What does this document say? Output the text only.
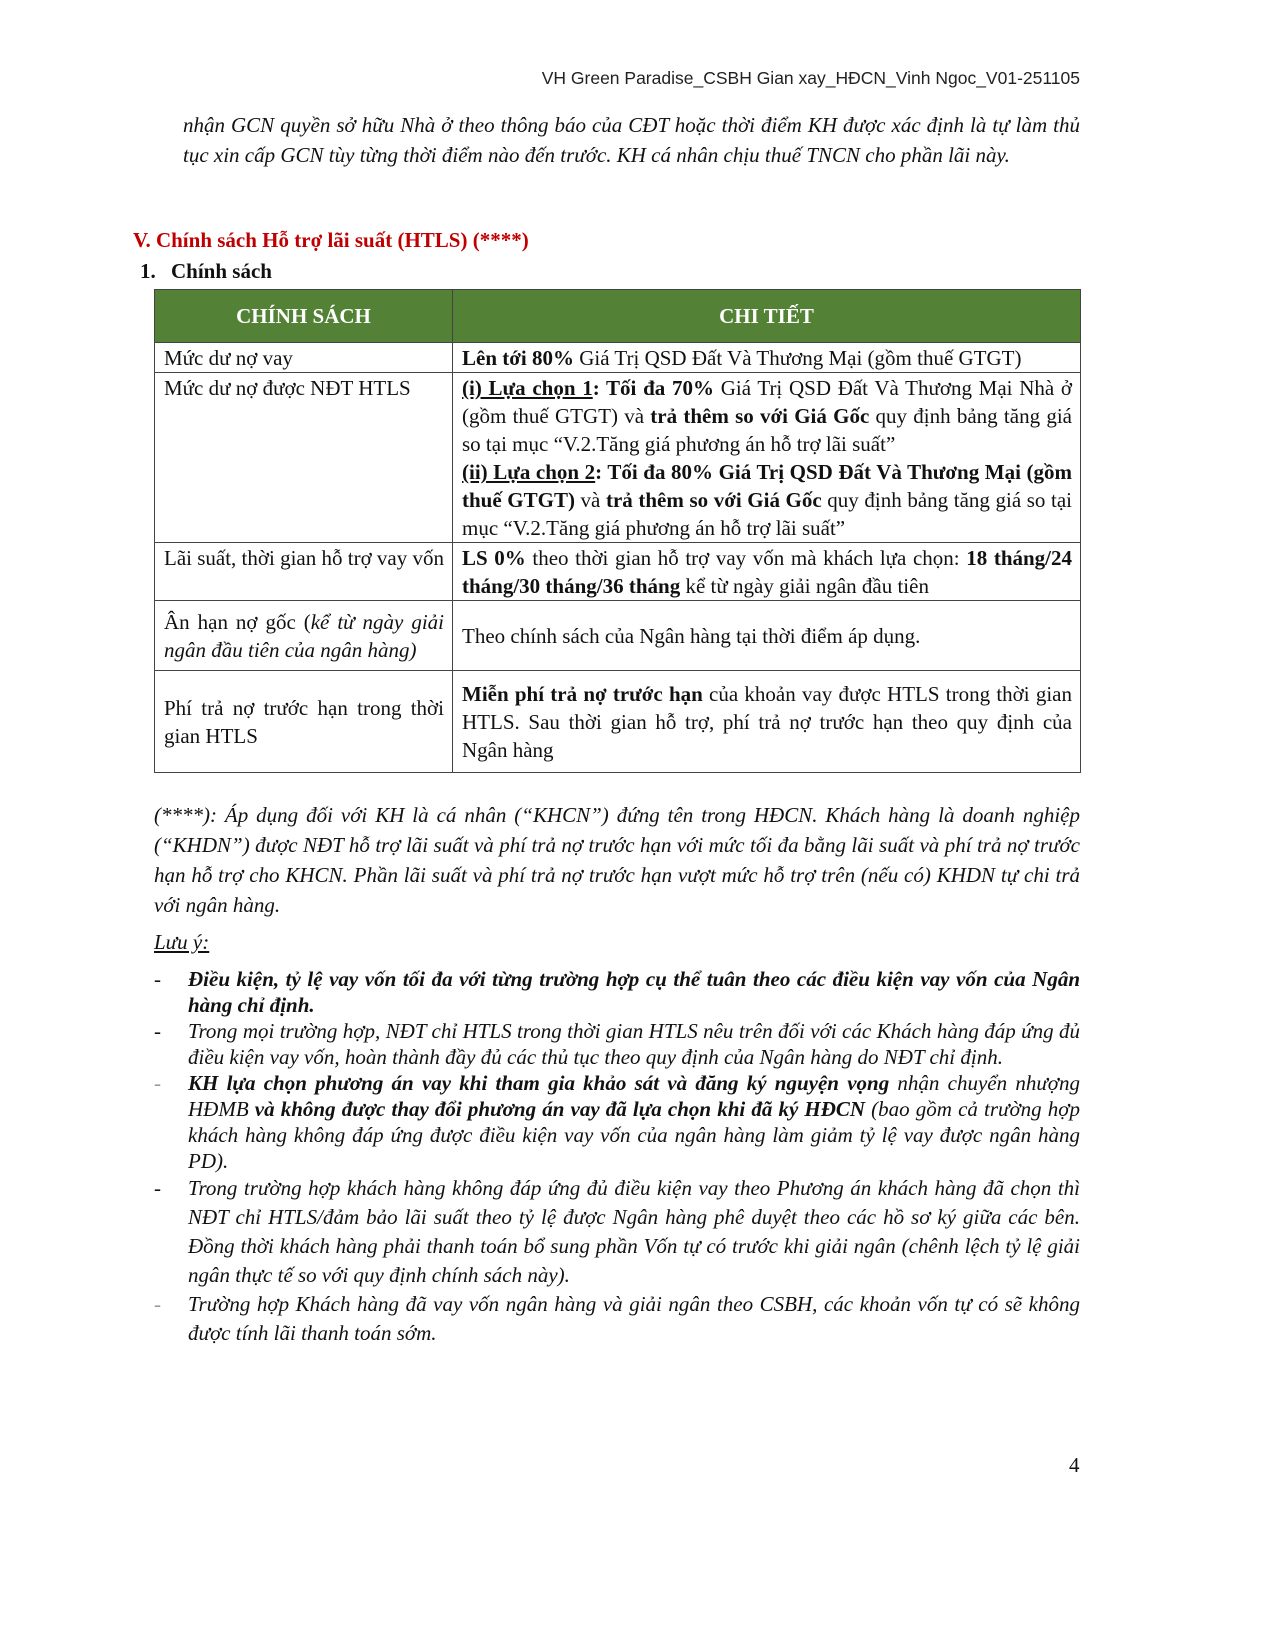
VH Green Paradise_CSBH Gian xay_HĐCN_Vinh Ngoc_V01-251105
nhận GCN quyền sở hữu Nhà ở theo thông báo của CĐT hoặc thời điểm KH được xác định là tự làm thủ tục xin cấp GCN tùy từng thời điểm nào đến trước. KH cá nhân chịu thuế TNCN cho phần lãi này.
V. Chính sách Hỗ trợ lãi suất (HTLS) (****)
1. Chính sách
CHÍNH SÁCH	CHI TIẾT
Mức dư nợ vay	Lên tới 80% Giá Trị QSD Đất Và Thương Mại (gồm thuế GTGT)
Mức dư nợ được NĐT HTLS	(i) Lựa chọn 1: Tối đa 70% Giá Trị QSD Đất Và Thương Mại Nhà ở (gồm thuế GTGT) và trả thêm so với Giá Gốc quy định bảng tăng giá so tại mục “V.2.Tăng giá phương án hỗ trợ lãi suất”
(ii) Lựa chọn 2: Tối đa 80% Giá Trị QSD Đất Và Thương Mại (gồm thuế GTGT) và trả thêm so với Giá Gốc quy định bảng tăng giá so tại mục “V.2.Tăng giá phương án hỗ trợ lãi suất”
Lãi suất, thời gian hỗ trợ vay vốn	LS 0% theo thời gian hỗ trợ vay vốn mà khách lựa chọn: 18 tháng/24 tháng/30 tháng/36 tháng kể từ ngày giải ngân đầu tiên
Ân hạn nợ gốc (kể từ ngày giải ngân đầu tiên của ngân hàng)	Theo chính sách của Ngân hàng tại thời điểm áp dụng.
Phí trả nợ trước hạn trong thời gian HTLS	Miễn phí trả nợ trước hạn của khoản vay được HTLS trong thời gian HTLS. Sau thời gian hỗ trợ, phí trả nợ trước hạn theo quy định của Ngân hàng
(****): Áp dụng đối với KH là cá nhân (“KHCN”) đứng tên trong HĐCN. Khách hàng là doanh nghiệp (“KHDN”) được NĐT hỗ trợ lãi suất và phí trả nợ trước hạn với mức tối đa bằng lãi suất và phí trả nợ trước hạn hỗ trợ cho KHCN. Phần lãi suất và phí trả nợ trước hạn vượt mức hỗ trợ trên (nếu có) KHDN tự chi trả với ngân hàng.
Lưu ý:
- Điều kiện, tỷ lệ vay vốn tối đa với từng trường hợp cụ thể tuân theo các điều kiện vay vốn của Ngân hàng chỉ định.
- Trong mọi trường hợp, NĐT chỉ HTLS trong thời gian HTLS nêu trên đối với các Khách hàng đáp ứng đủ điều kiện vay vốn, hoàn thành đầy đủ các thủ tục theo quy định của Ngân hàng do NĐT chỉ định.
- KH lựa chọn phương án vay khi tham gia khảo sát và đăng ký nguyện vọng nhận chuyển nhượng HĐMB và không được thay đổi phương án vay đã lựa chọn khi đã ký HĐCN (bao gồm cả trường hợp khách hàng không đáp ứng được điều kiện vay vốn của ngân hàng làm giảm tỷ lệ vay được ngân hàng PD).
- Trong trường hợp khách hàng không đáp ứng đủ điều kiện vay theo Phương án khách hàng đã chọn thì NĐT chỉ HTLS/đảm bảo lãi suất theo tỷ lệ được Ngân hàng phê duyệt theo các hồ sơ ký giữa các bên. Đồng thời khách hàng phải thanh toán bổ sung phần Vốn tự có trước khi giải ngân (chênh lệch tỷ lệ giải ngân thực tế so với quy định chính sách này).
- Trường hợp Khách hàng đã vay vốn ngân hàng và giải ngân theo CSBH, các khoản vốn tự có sẽ không được tính lãi thanh toán sớm.
4
